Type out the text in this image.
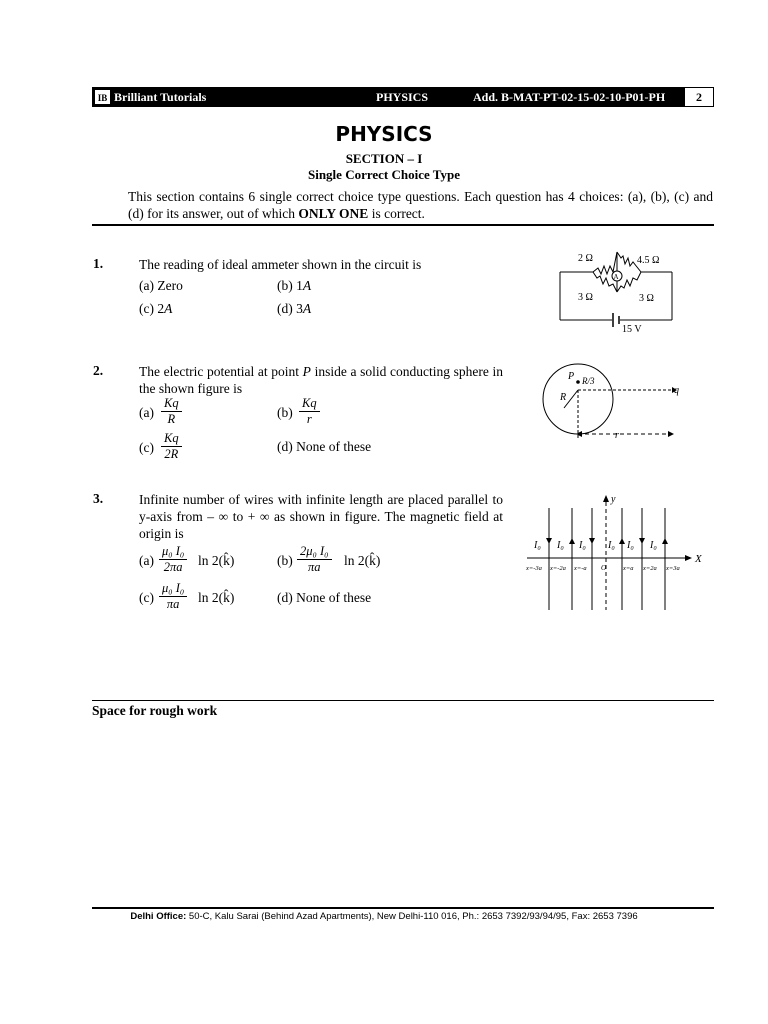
IB Brilliant Tutorials	PHYSICS	Add. B-MAT-PT-02-15-02-10-P01-PH	2
PHYSICS
SECTION – I
Single Correct Choice Type
This section contains 6 single correct choice type questions. Each question has 4 choices: (a), (b), (c) and (d) for its answer, out of which ONLY ONE is correct.
1.	The reading of ideal ammeter shown in the circuit is
(a) Zero	(b) 1A
(c) 2A	(d) 3A
2 Ω	4.5 Ω
3 Ω	3 Ω
A
15 V
2.	The electric potential at point P inside a solid conducting sphere in the shown figure is
$(a) \frac{Kq}{R}$	$(b) \frac{Kq}{r}$
$(c) \frac{Kq}{2R}$	(d) None of these
P R/3
R
q
r
3.	Infinite number of wires with infinite length are placed parallel to y-axis from – ∞ to + ∞ as shown in figure. The magnetic field at origin is
$(a) \frac{\text{μ₀ I₀}}{2\pi a}$ ln 2(k̂)	$(b) \frac{\text{2μ₀ I₀}}{\pi a}$ ln 2(k̂)
$(c) \frac{\text{μ₀ I₀}}{\pi a}$ ln 2(k̂)	(d) None of these
y
X
I₀ I₀ I₀ I₀ I₀ I₀
x=-3a x=-2a x=-a O	x=a x=2a x=3a
Space for rough work
Delhi Office: 50-C, Kalu Sarai (Behind Azad Apartments), New Delhi-110 016, Ph.: 2653 7392/93/94/95, Fax: 2653 7396
